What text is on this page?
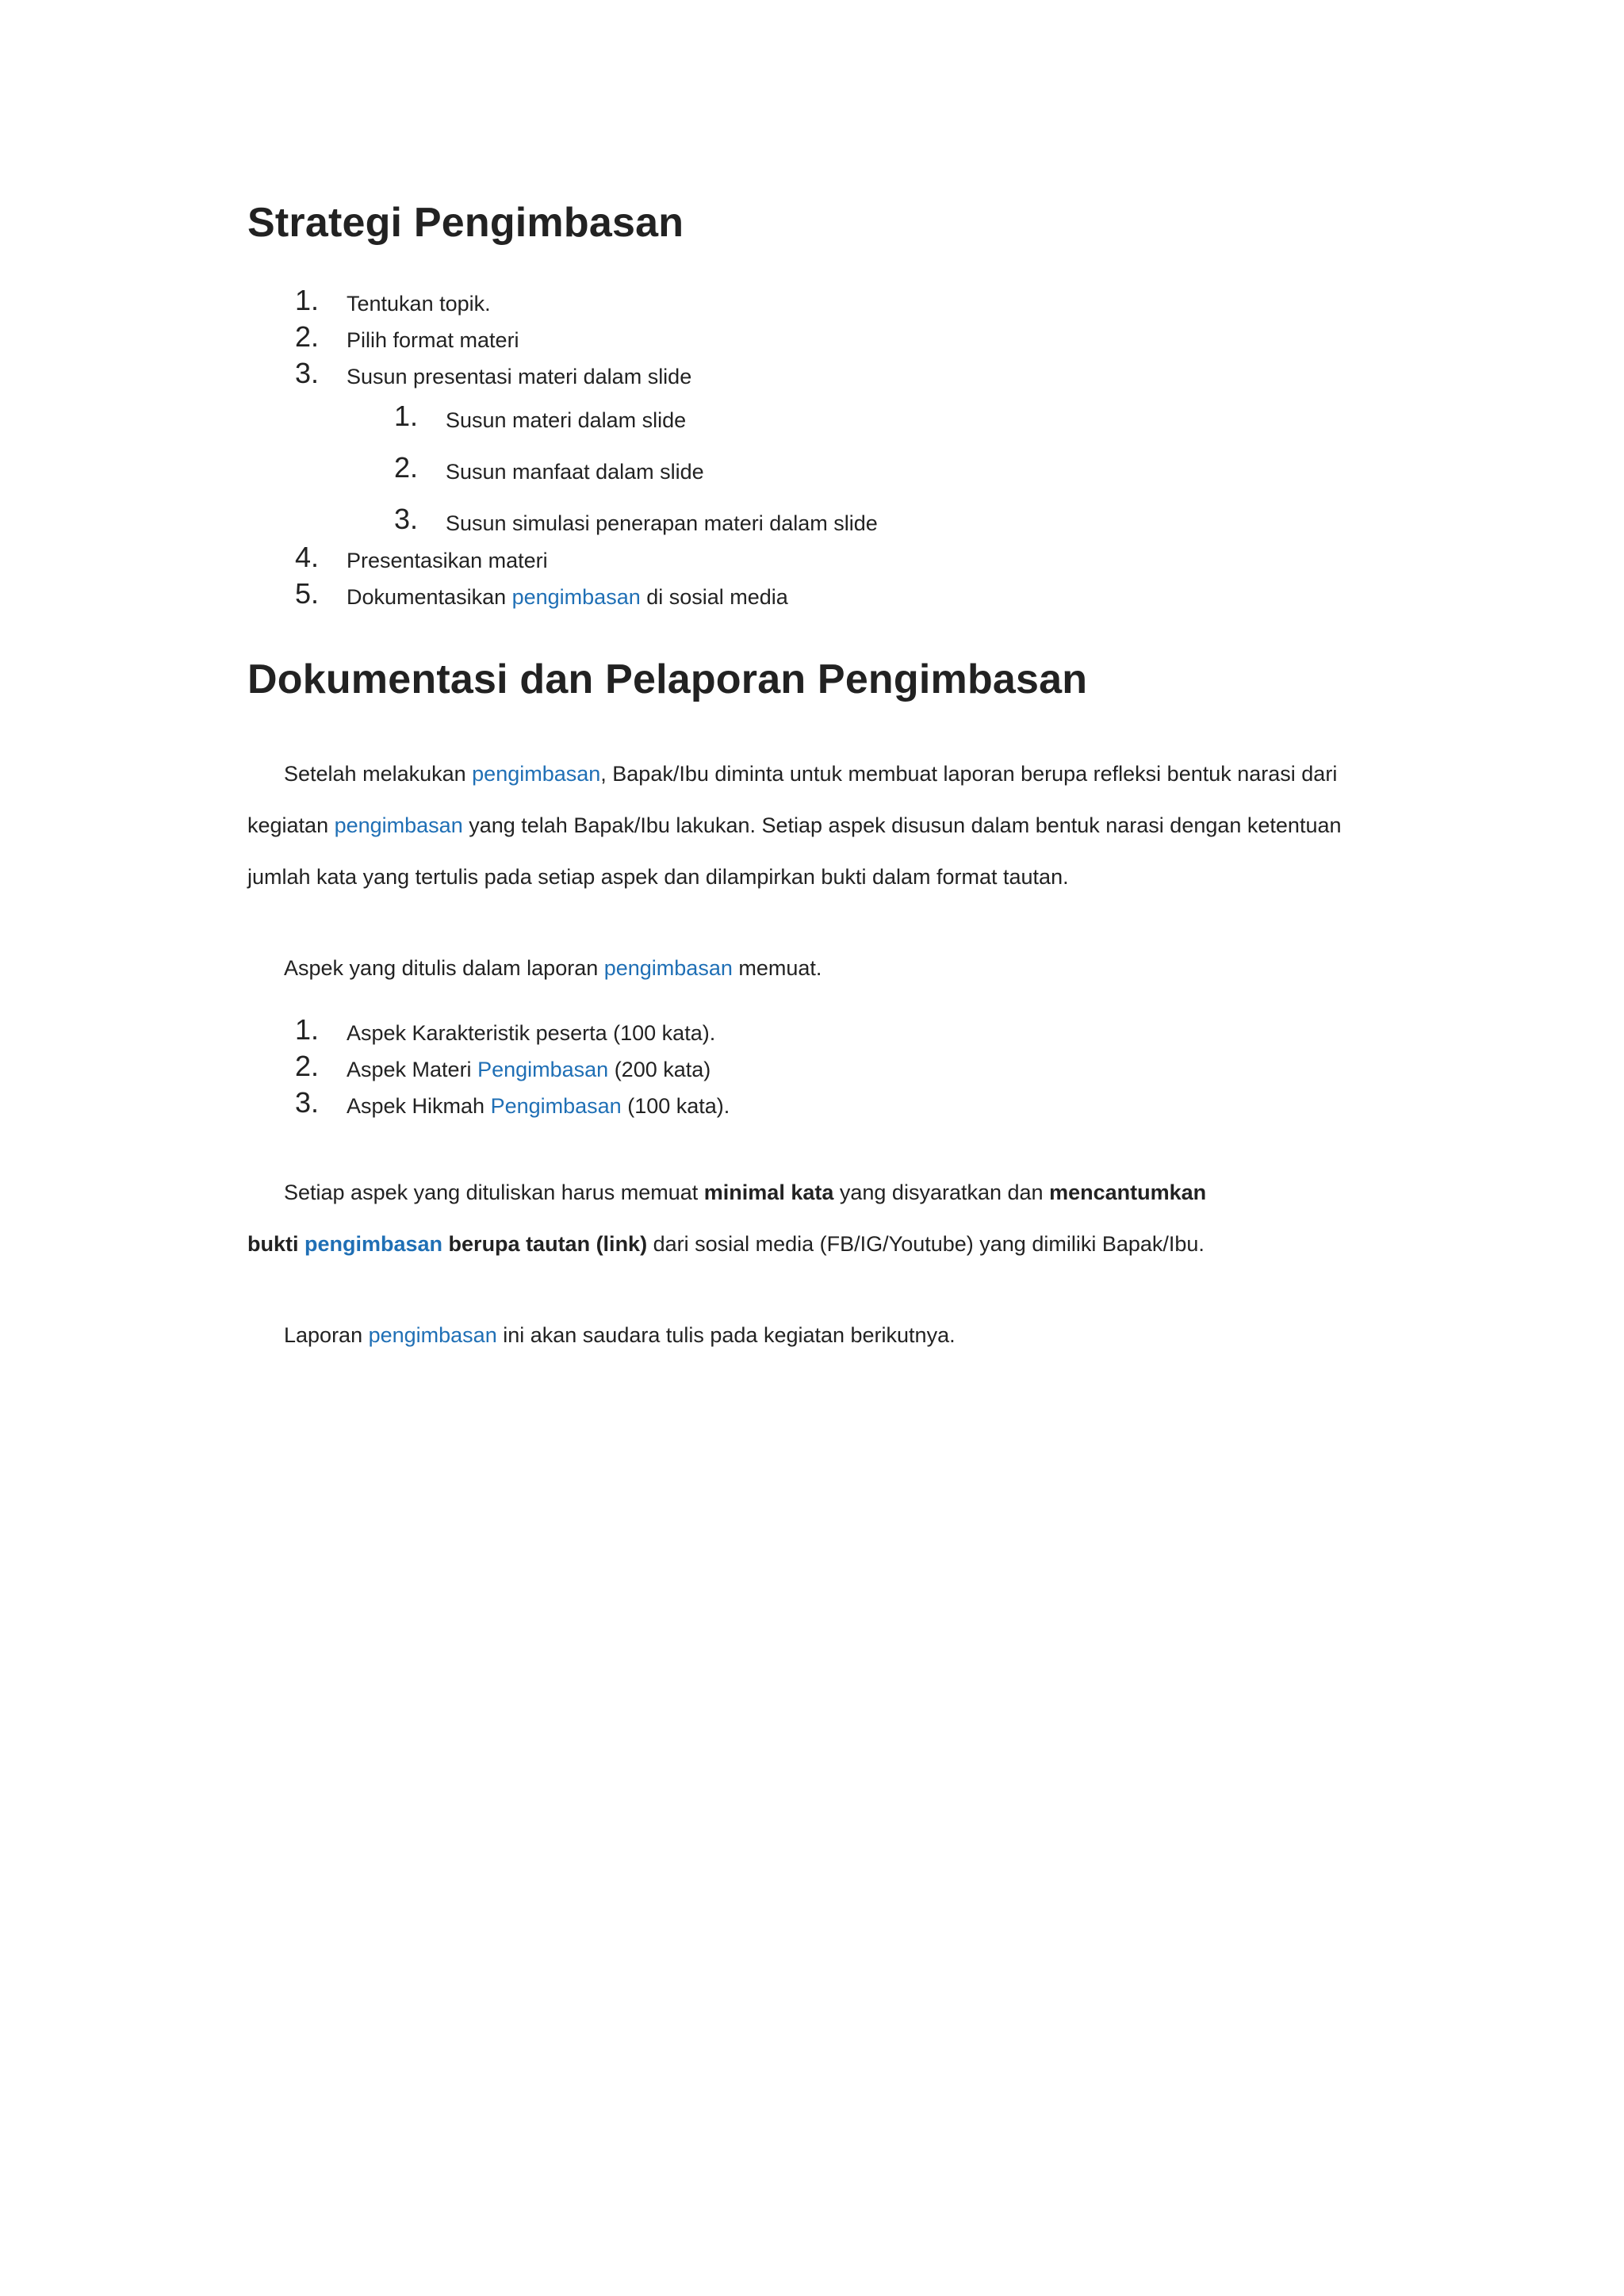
Strategi Pengimbasan
1. Tentukan topik.
2. Pilih format materi
3. Susun presentasi materi dalam slide
1. Susun materi dalam slide
2. Susun manfaat dalam slide
3. Susun simulasi penerapan materi dalam slide
4. Presentasikan materi
5. Dokumentasikan pengimbasan di sosial media
Dokumentasi dan Pelaporan Pengimbasan

Setelah melakukan pengimbasan, Bapak/Ibu diminta untuk membuat laporan berupa refleksi bentuk narasi dari

kegiatan pengimbasan yang telah Bapak/Ibu lakukan. Setiap aspek disusun dalam bentuk narasi dengan ketentuan

jumlah kata yang tertulis pada setiap aspek dan dilampirkan bukti dalam format tautan.

Aspek yang ditulis dalam laporan pengimbasan memuat.

1. Aspek Karakteristik peserta (100 kata).
2. Aspek Materi Pengimbasan (200 kata)
3. Aspek Hikmah Pengimbasan (100 kata).

Setiap aspek yang dituliskan harus memuat minimal kata yang disyaratkan dan mencantumkan

bukti pengimbasan berupa tautan (link) dari sosial media (FB/IG/Youtube) yang dimiliki Bapak/Ibu.

Laporan pengimbasan ini akan saudara tulis pada kegiatan berikutnya.
